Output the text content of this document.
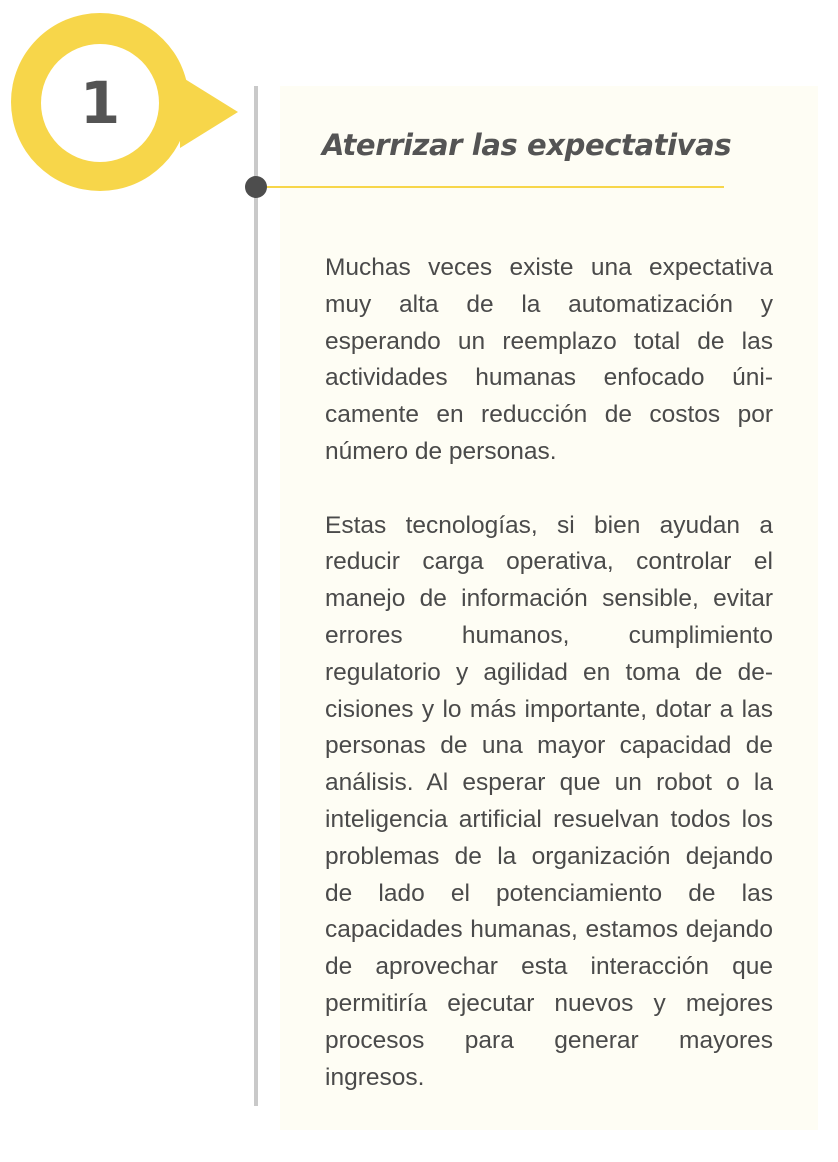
1
Aterrizar las expectativas

Muchas veces existe una expectativa muy alta de la automatización y esperando un reemplazo total de las actividades humanas enfocado únicamente en reducción de costos por número de personas.

Estas tecnologías, si bien ayudan a reducir carga operativa, controlar el manejo de información sensible, evitar errores humanos, cumplimiento regulatorio y agilidad en toma de decisiones y lo más importante, dotar a las personas de una mayor capacidad de análisis. Al esperar que un robot o la inteligencia artificial resuelvan todos los problemas de la organización dejando de lado el potenciamiento de las capacidades humanas, estamos dejando de aprovechar esta interacción que permitiría ejecutar nuevos y mejores procesos para generar mayores ingresos.
